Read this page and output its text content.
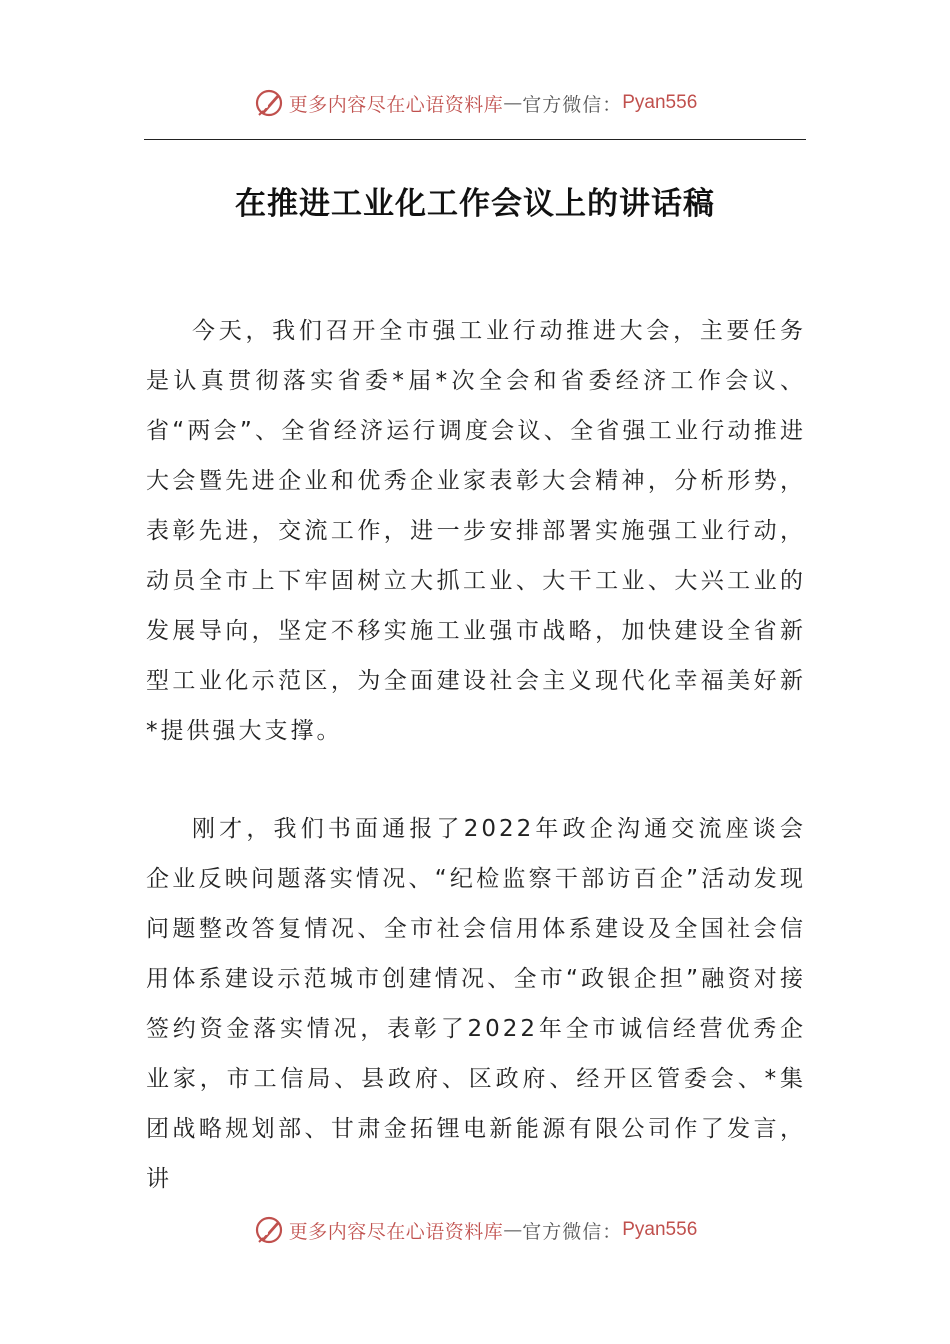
更多内容尽在心语资料库 — 官方微信： Pyan556
在推进工业化工作会议上的讲话稿

今天，我们召开全市强工业行动推进大会，主要任务是认真贯彻落实省委*届*次全会和省委经济工作会议、省“两会”、全省经济运行调度会议、全省强工业行动推进大会暨先进企业和优秀企业家表彰大会精神，分析形势，表彰先进，交流工作，进一步安排部署实施强工业行动，动员全市上下牢固树立大抓工业、大干工业、大兴工业的发展导向，坚定不移实施工业强市战略，加快建设全省新型工业化示范区，为全面建设社会主义现代化幸福美好新*提供强大支撑。

刚才，我们书面通报了2022年政企沟通交流座谈会企业反映问题落实情况、“纪检监察干部访百企”活动发现问题整改答复情况、全市社会信用体系建设及全国社会信用体系建设示范城市创建情况、全市“政银企担”融资对接签约资金落实情况，表彰了2022年全市诚信经营优秀企业家，市工信局、县政府、区政府、经开区管委会、*集团战略规划部、甘肃金拓锂电新能源有限公司作了发言，讲

更多内容尽在心语资料库 — 官方微信： Pyan556
